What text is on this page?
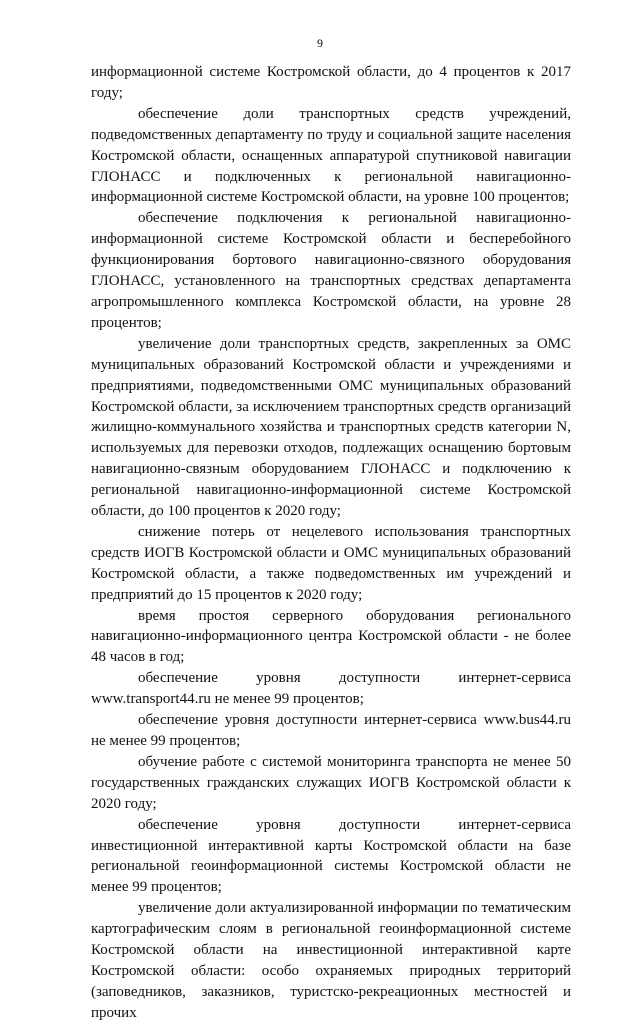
9

информационной системе Костромской области, до 4 процентов к 2017 году;

обеспечение доли транспортных средств учреждений, подведомственных департаменту по труду и социальной защите населения Костромской области, оснащенных аппаратурой спутниковой навигации ГЛОНАСС и подключенных к региональной навигационно-информационной системе Костромской области, на уровне 100 процентов;

обеспечение подключения к региональной навигационно-информационной системе Костромской области и бесперебойного функционирования бортового навигационно-связного оборудования ГЛОНАСС, установленного на транспортных средствах департамента агропромышленного комплекса Костромской области, на уровне 28 процентов;

увеличение доли транспортных средств, закрепленных за ОМС муниципальных образований Костромской области и учреждениями и предприятиями, подведомственными ОМС муниципальных образований Костромской области, за исключением транспортных средств организаций жилищно-коммунального хозяйства и транспортных средств категории N, используемых для перевозки отходов, подлежащих оснащению бортовым навигационно-связным оборудованием ГЛОНАСС и подключению к региональной навигационно-информационной системе Костромской области, до 100 процентов к 2020 году;

снижение потерь от нецелевого использования транспортных средств ИОГВ Костромской области и ОМС муниципальных образований Костромской области, а также подведомственных им учреждений и предприятий до 15 процентов к 2020 году;

время простоя серверного оборудования регионального навигационно-информационного центра Костромской области - не более 48 часов в год;

обеспечение уровня доступности интернет-сервиса www.transport44.ru не менее 99 процентов;

обеспечение уровня доступности интернет-сервиса www.bus44.ru не менее 99 процентов;

обучение работе с системой мониторинга транспорта не менее 50 государственных гражданских служащих ИОГВ Костромской области к 2020 году;

обеспечение уровня доступности интернет-сервиса инвестиционной интерактивной карты Костромской области на базе региональной геоинформационной системы Костромской области не менее 99 процентов;

увеличение доли актуализированной информации по тематическим картографическим слоям в региональной геоинформационной системе Костромской области на инвестиционной интерактивной карте Костромской области: особо охраняемых природных территорий (заповедников, заказников, туристско-рекреационных местностей и прочих
